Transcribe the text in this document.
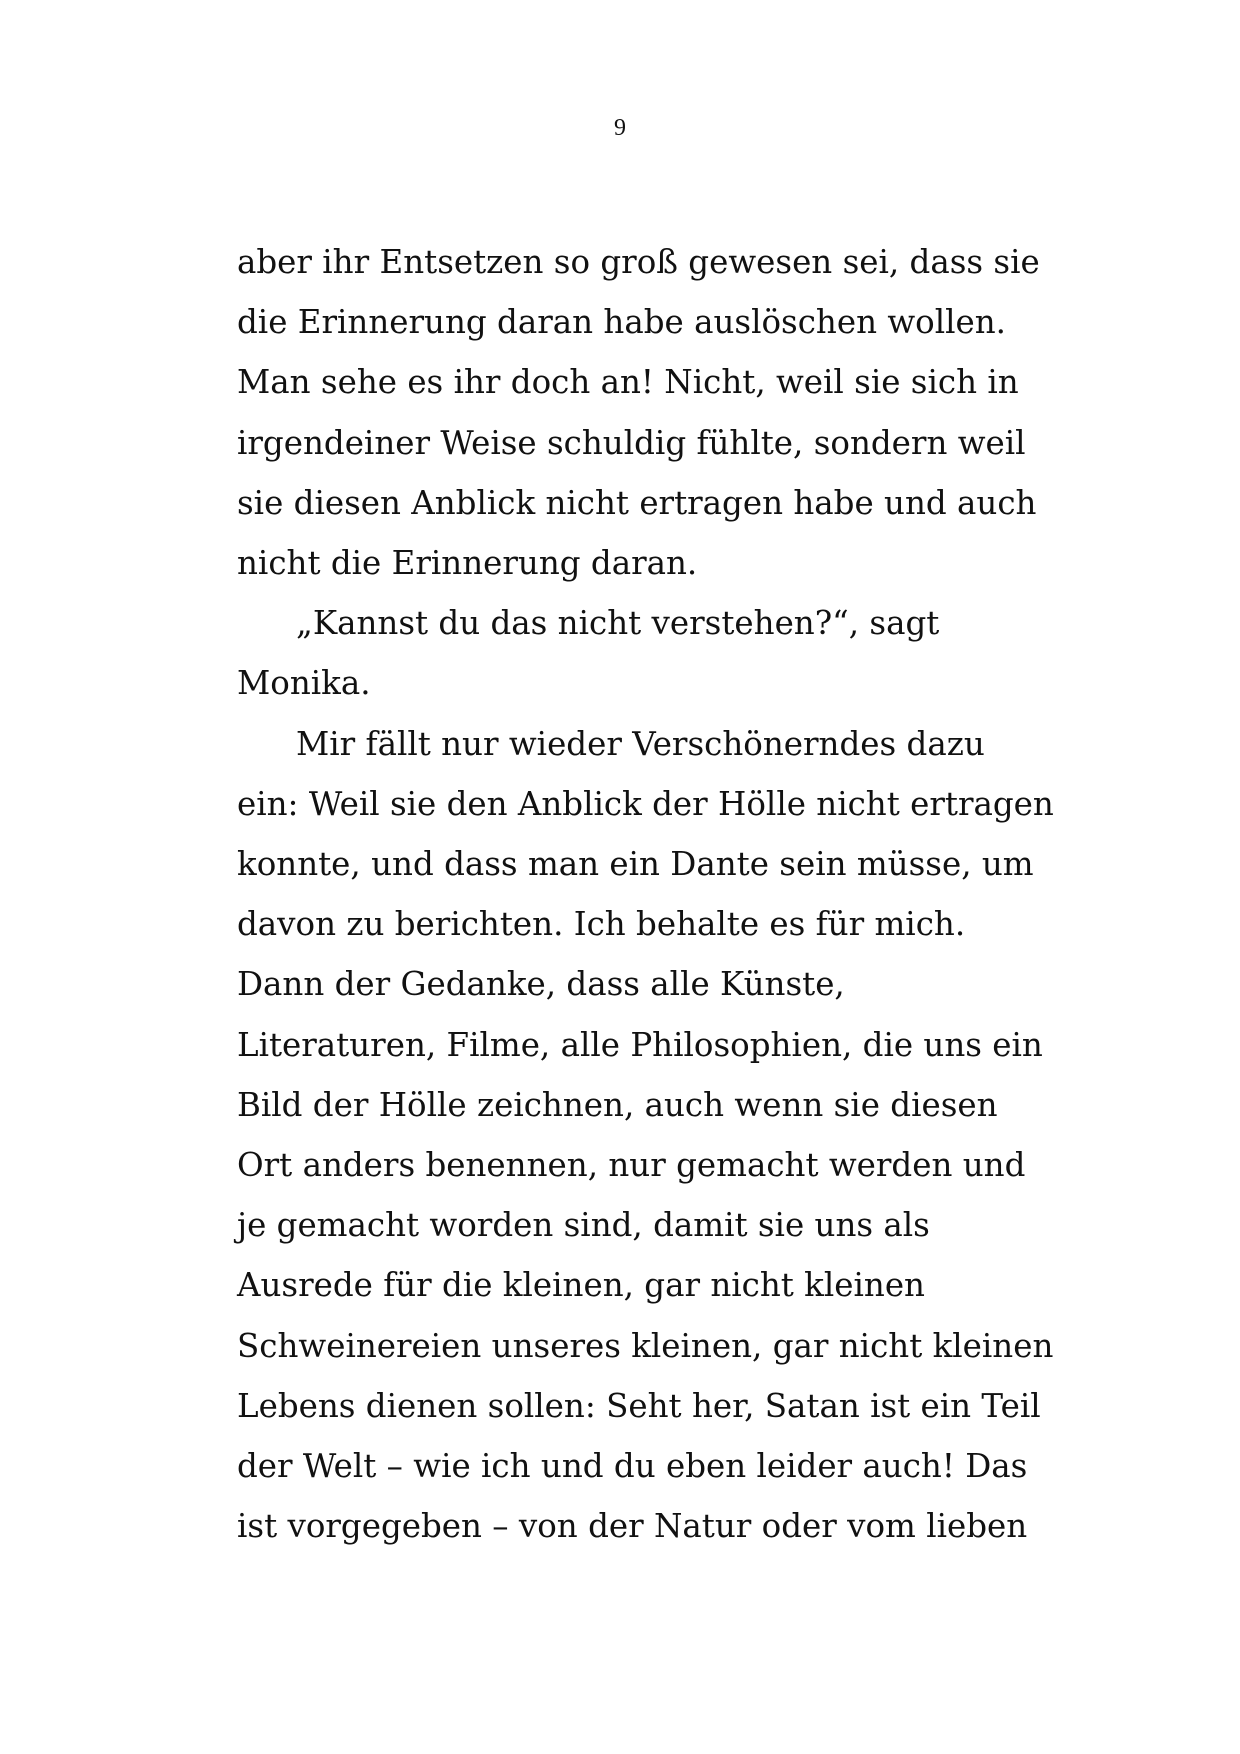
9
aber ihr Entsetzen so groß gewesen sei, dass sie
die Erinnerung daran habe auslöschen wollen.
Man sehe es ihr doch an! Nicht, weil sie sich in
irgendeiner Weise schuldig fühlte, sondern weil
sie diesen Anblick nicht ertragen habe und auch
nicht die Erinnerung daran.
„Kannst du das nicht verstehen?“, sagt
Monika.
Mir fällt nur wieder Verschönerndes dazu
ein: Weil sie den Anblick der Hölle nicht ertragen
konnte, und dass man ein Dante sein müsse, um
davon zu berichten. Ich behalte es für mich.
Dann der Gedanke, dass alle Künste,
Literaturen, Filme, alle Philosophien, die uns ein
Bild der Hölle zeichnen, auch wenn sie diesen
Ort anders benennen, nur gemacht werden und
je gemacht worden sind, damit sie uns als
Ausrede für die kleinen, gar nicht kleinen
Schweinereien unseres kleinen, gar nicht kleinen
Lebens dienen sollen: Seht her, Satan ist ein Teil
der Welt – wie ich und du eben leider auch! Das
ist vorgegeben – von der Natur oder vom lieben
